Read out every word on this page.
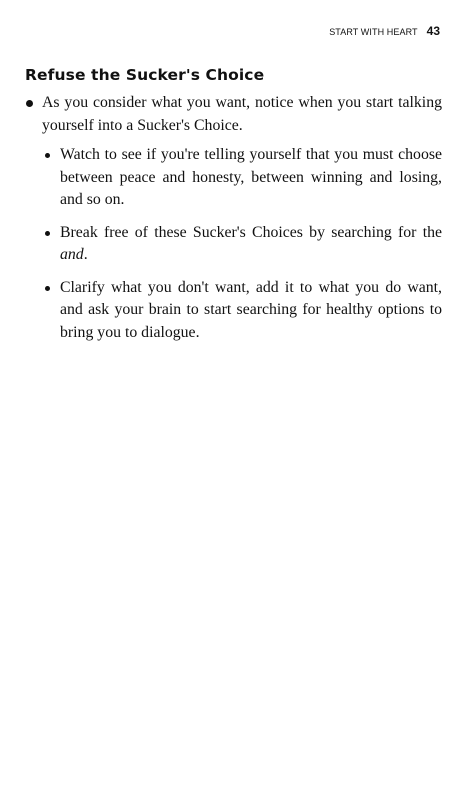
START WITH HEART 43
Refuse the Sucker's Choice
As you consider what you want, notice when you start talking yourself into a Sucker's Choice.
Watch to see if you're telling yourself that you must choose between peace and honesty, between winning and losing, and so on.
Break free of these Sucker's Choices by searching for the and.
Clarify what you don't want, add it to what you do want, and ask your brain to start searching for healthy options to bring you to dialogue.
